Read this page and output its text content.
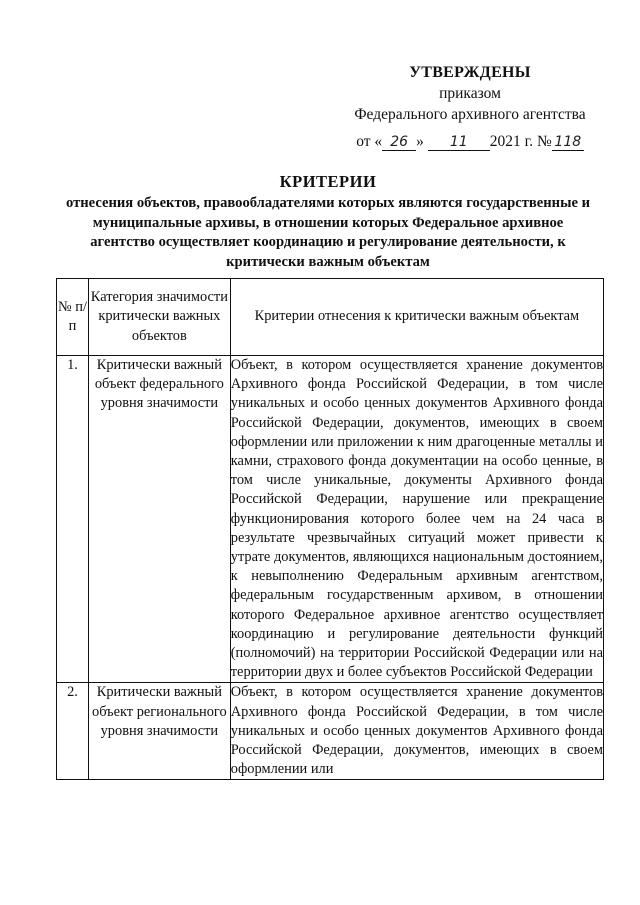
УТВЕРЖДЕНЫ
приказом
Федерального архивного агентства
от « 26 » 11 2021 г. № 118
КРИТЕРИИ
отнесения объектов, правообладателями которых являются государственные и муниципальные архивы, в отношении которых Федеральное архивное агентство осуществляет координацию и регулирование деятельности, к критически важным объектам
№ п/п	Категория значимости критически важных объектов	Критерии отнесения к критически важным объектам
1.	Критически важный объект федерального уровня значимости	Объект, в котором осуществляется хранение документов Архивного фонда Российской Федерации, в том числе уникальных и особо ценных документов Архивного фонда Российской Федерации, документов, имеющих в своем оформлении или приложении к ним драгоценные металлы и камни, страхового фонда документации на особо ценные, в том числе уникальные, документы Архивного фонда Российской Федерации, нарушение или прекращение функционирования которого более чем на 24 часа в результате чрезвычайных ситуаций может привести к утрате документов, являющихся национальным достоянием, к невыполнению Федеральным архивным агентством, федеральным государственным архивом, в отношении которого Федеральное архивное агентство осуществляет координацию и регулирование деятельности функций (полномочий) на территории Российской Федерации или на территории двух и более субъектов Российской Федерации
2.	Критически важный объект регионального уровня значимости	Объект, в котором осуществляется хранение документов Архивного фонда Российской Федерации, в том числе уникальных и особо ценных документов Архивного фонда Российской Федерации, документов, имеющих в своем оформлении или
